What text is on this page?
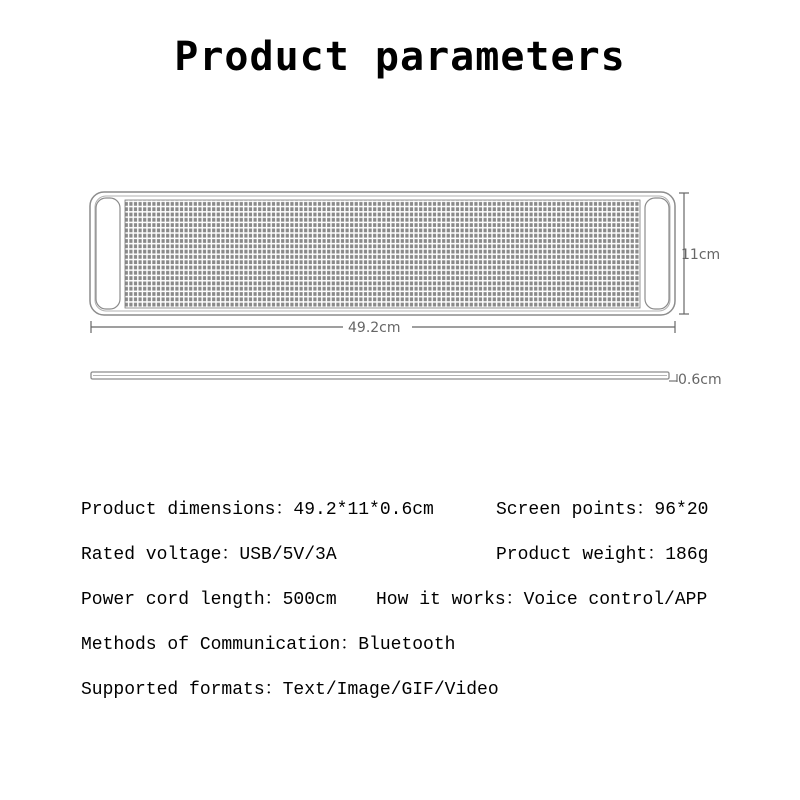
Product parameters
11cm
49.2cm
0.6cm
Product dimensions：49.2*11*0.6cm	Screen points：96*20
Rated voltage：USB/5V/3A	Product weight：186g
Power cord length：500cm How it works：Voice control/APP
Methods of Communication：Bluetooth
Supported formats：Text/Image/GIF/Video
